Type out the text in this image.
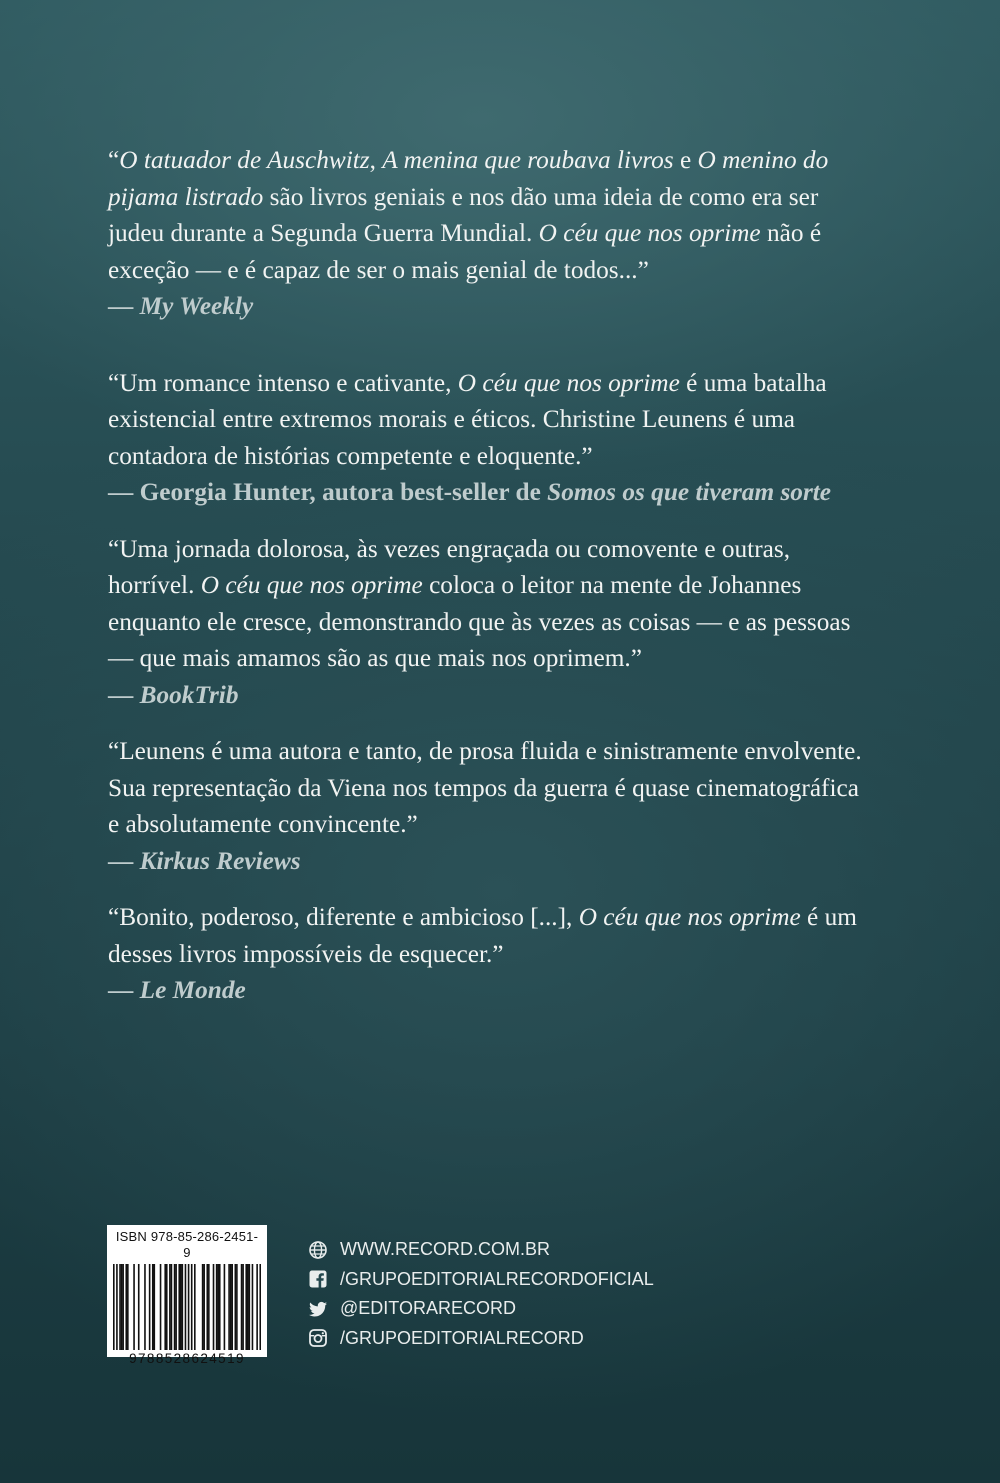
“O tatuador de Auschwitz, A menina que roubava livros e O menino do pijama listrado são livros geniais e nos dão uma ideia de como era ser judeu durante a Segunda Guerra Mundial. O céu que nos oprime não é exceção — e é capaz de ser o mais genial de todos...”

— My Weekly

“Um romance intenso e cativante, O céu que nos oprime é uma batalha existencial entre extremos morais e éticos. Christine Leunens é uma contadora de histórias competente e eloquente.”

— Georgia Hunter, autora best-seller de Somos os que tiveram sorte

“Uma jornada dolorosa, às vezes engraçada ou comovente e outras, horrível. O céu que nos oprime coloca o leitor na mente de Johannes enquanto ele cresce, demonstrando que às vezes as coisas — e as pessoas — que mais amamos são as que mais nos oprimem.”

— BookTrib

“Leunens é uma autora e tanto, de prosa fluida e sinistramente envolvente. Sua representação da Viena nos tempos da guerra é quase cinematográfica e absolutamente convincente.”

— Kirkus Reviews

“Bonito, poderoso, diferente e ambicioso [...], O céu que nos oprime é um desses livros impossíveis de esquecer.”

— Le Monde
ISBN 978-85-286-2451-9
9788528624519
WWW.RECORD.COM.BR
/GRUPOEDITORIALRECORDOFICIAL
@EDITORARECORD
/GRUPOEDITORIALRECORD
